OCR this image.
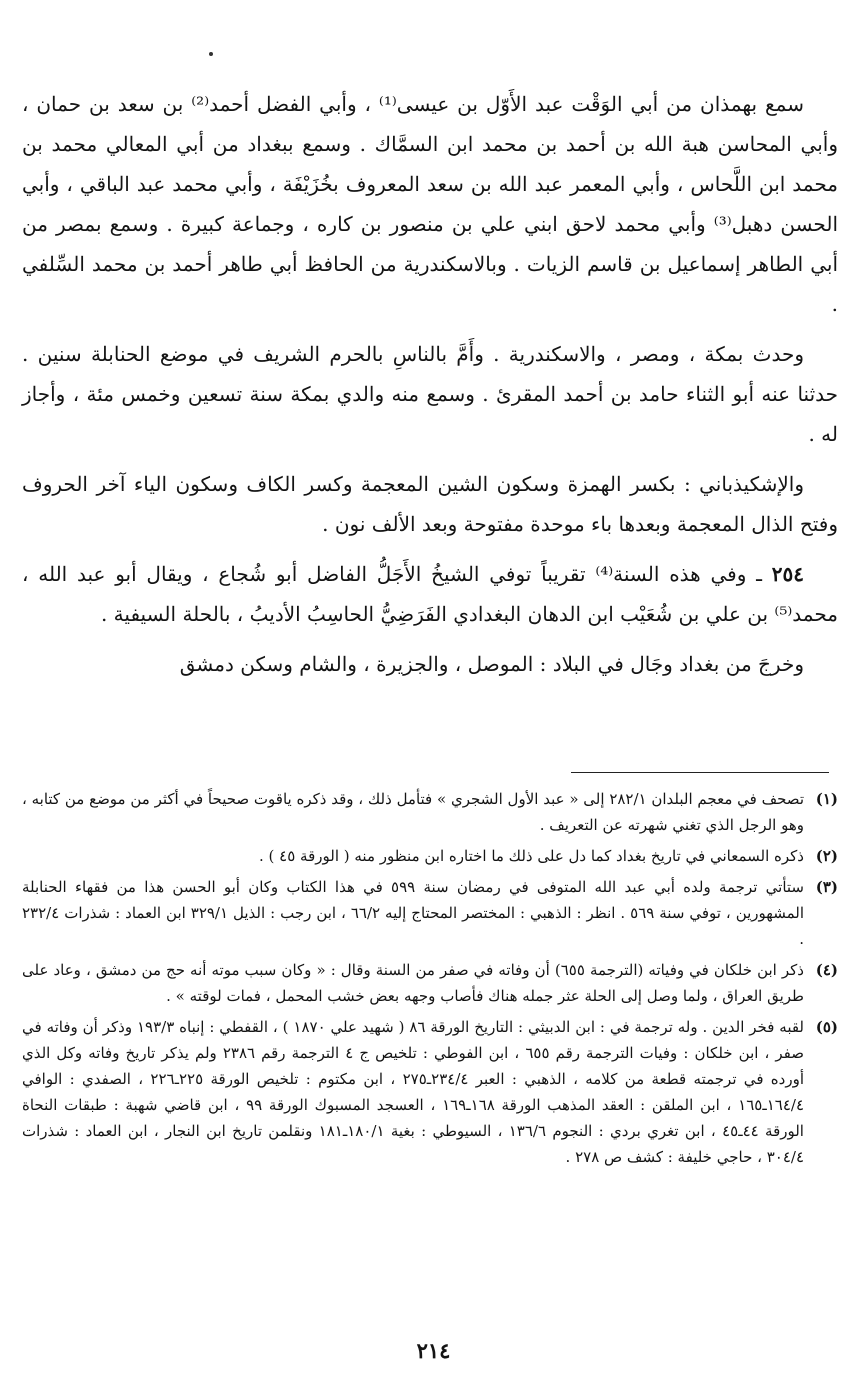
سمع بهمذان من أبي الوَقْت عبد الأَوّل بن عيسى⁽¹⁾ ، وأبي الفضل أحمد⁽²⁾ بن سعد بن حمان ، وأبي المحاسن هبة الله بن أحمد بن محمد ابن السمَّاك . وسمع ببغداد من أبي المعالي محمد بن محمد ابن اللَّحاس ، وأبي المعمر عبد الله بن سعد المعروف بخُزَيْفَة ، وأبي محمد عبد الباقي ، وأبي الحسن دهبل⁽³⁾ وأبي محمد لاحق ابني علي بن منصور بن كاره ، وجماعة كبيرة . وسمع بمصر من أبي الطاهر إسماعيل بن قاسم الزيات . وبالاسكندرية من الحافظ أبي طاهر أحمد بن محمد السِّلفي .

وحدث بمكة ، ومصر ، والاسكندرية . وأَمَّ بالناسِ بالحرم الشريف في موضع الحنابلة سنين . حدثنا عنه أبو الثناء حامد بن أحمد المقرئ . وسمع منه والدي بمكة سنة تسعين وخمس مئة ، وأجاز له .

والإشكيذباني : بكسر الهمزة وسكون الشين المعجمة وكسر الكاف وسكون الياء آخر الحروف وفتح الذال المعجمة وبعدها باء موحدة مفتوحة وبعد الألف نون .

٢٥٤ ـ وفي هذه السنة⁽⁴⁾ تقريباً توفي الشيخُ الأَجَلُّ الفاضل أبو شُجاع ، ويقال أبو عبد الله ، محمد⁽⁵⁾ بن علي بن شُعَيْب ابن الدهان البغدادي الفَرَضِيُّ الحاسِبُ الأديبُ ، بالحلة السيفية .

وخرجَ من بغداد وجَال في البلاد : الموصل ، والجزيرة ، والشام وسكن دمشق

(١)
تصحف في معجم البلدان ٢٨٢/١ إلى « عبد الأول الشجري » فتأمل ذلك ، وقد ذكره ياقوت صحيحاً في أكثر من موضع من كتابه ، وهو الرجل الذي تغني شهرته عن التعريف .
(٢)
ذكره السمعاني في تاريخ بغداد كما دل على ذلك ما اختاره ابن منظور منه ( الورقة ٤٥ ) .
(٣)
ستأتي ترجمة ولده أبي عبد الله المتوفى في رمضان سنة ٥٩٩ في هذا الكتاب وكان أبو الحسن هذا من فقهاء الحنابلة المشهورين ، توفي سنة ٥٦٩ . انظر : الذهبي : المختصر المحتاج إليه ٦٦/٢ ، ابن رجب : الذيل ٣٢٩/١ ابن العماد : شذرات ٢٣٢/٤ .
(٤)
ذكر ابن خلكان في وفياته (الترجمة ٦٥٥) أن وفاته في صفر من السنة وقال : « وكان سبب موته أنه حج من دمشق ، وعاد على طريق العراق ، ولما وصل إلى الحلة عثر جمله هناك فأصاب وجهه بعض خشب المحمل ، فمات لوقته » .
(٥)
لقبه فخر الدين . وله ترجمة في : ابن الدبيثي : التاريخ الورقة ٨٦ ( شهيد علي ١٨٧٠ ) ، القفطي : إنباه ١٩٣/٣ وذكر أن وفاته في صفر ، ابن خلكان : وفيات الترجمة رقم ٦٥٥ ، ابن الفوطي : تلخيص ج ٤ الترجمة رقم ٢٣٨٦ ولم يذكر تاريخ وفاته وكل الذي أورده في ترجمته قطعة من كلامه ، الذهبي : العبر ٢٣٤/٤ـ٢٧٥ ، ابن مكتوم : تلخيص الورقة ٢٢٥ـ٢٢٦ ، الصفدي : الوافي ١٦٤/٤ـ١٦٥ ، ابن الملقن : العقد المذهب الورقة ١٦٨ـ١٦٩ ، العسجد المسبوك الورقة ٩٩ ، ابن قاضي شهبة : طبقات النحاة الورقة ٤٤ـ٤٥ ، ابن تغري بردي : النجوم ١٣٦/٦ ، السيوطي : بغية ١٨٠/١ـ١٨١ ونقلمن تاريخ ابن النجار ، ابن العماد : شذرات ٣٠٤/٤ ، حاجي خليفة : كشف ص ٢٧٨ .
٢١٤
